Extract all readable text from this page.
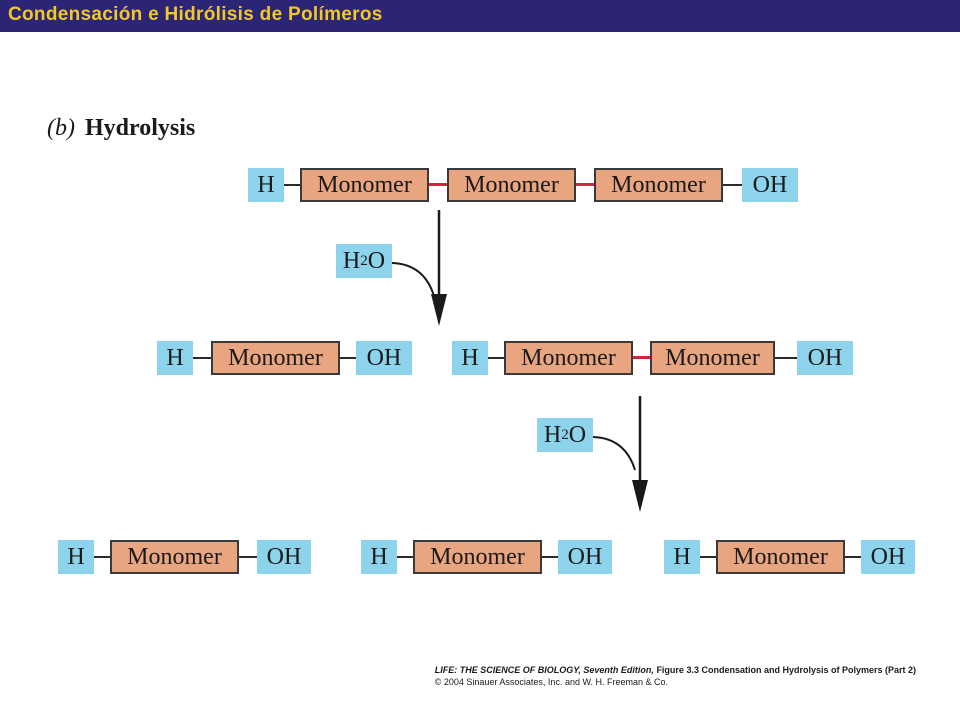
Condensación e Hidrólisis de Polímeros
(b) Hydrolysis
H	Monomer	Monomer	Monomer	OH
H 2 O
H	Monomer	OH	H	Monomer	Monomer	OH
H 2 O
H	Monomer	OH	H	Monomer	OH	H	Monomer	OH
LIFE: THE SCIENCE OF BIOLOGY, Seventh Edition, Figure 3.3 Condensation and Hydrolysis of Polymers (Part 2)
© 2004 Sinauer Associates, Inc. and W. H. Freeman & Co.
